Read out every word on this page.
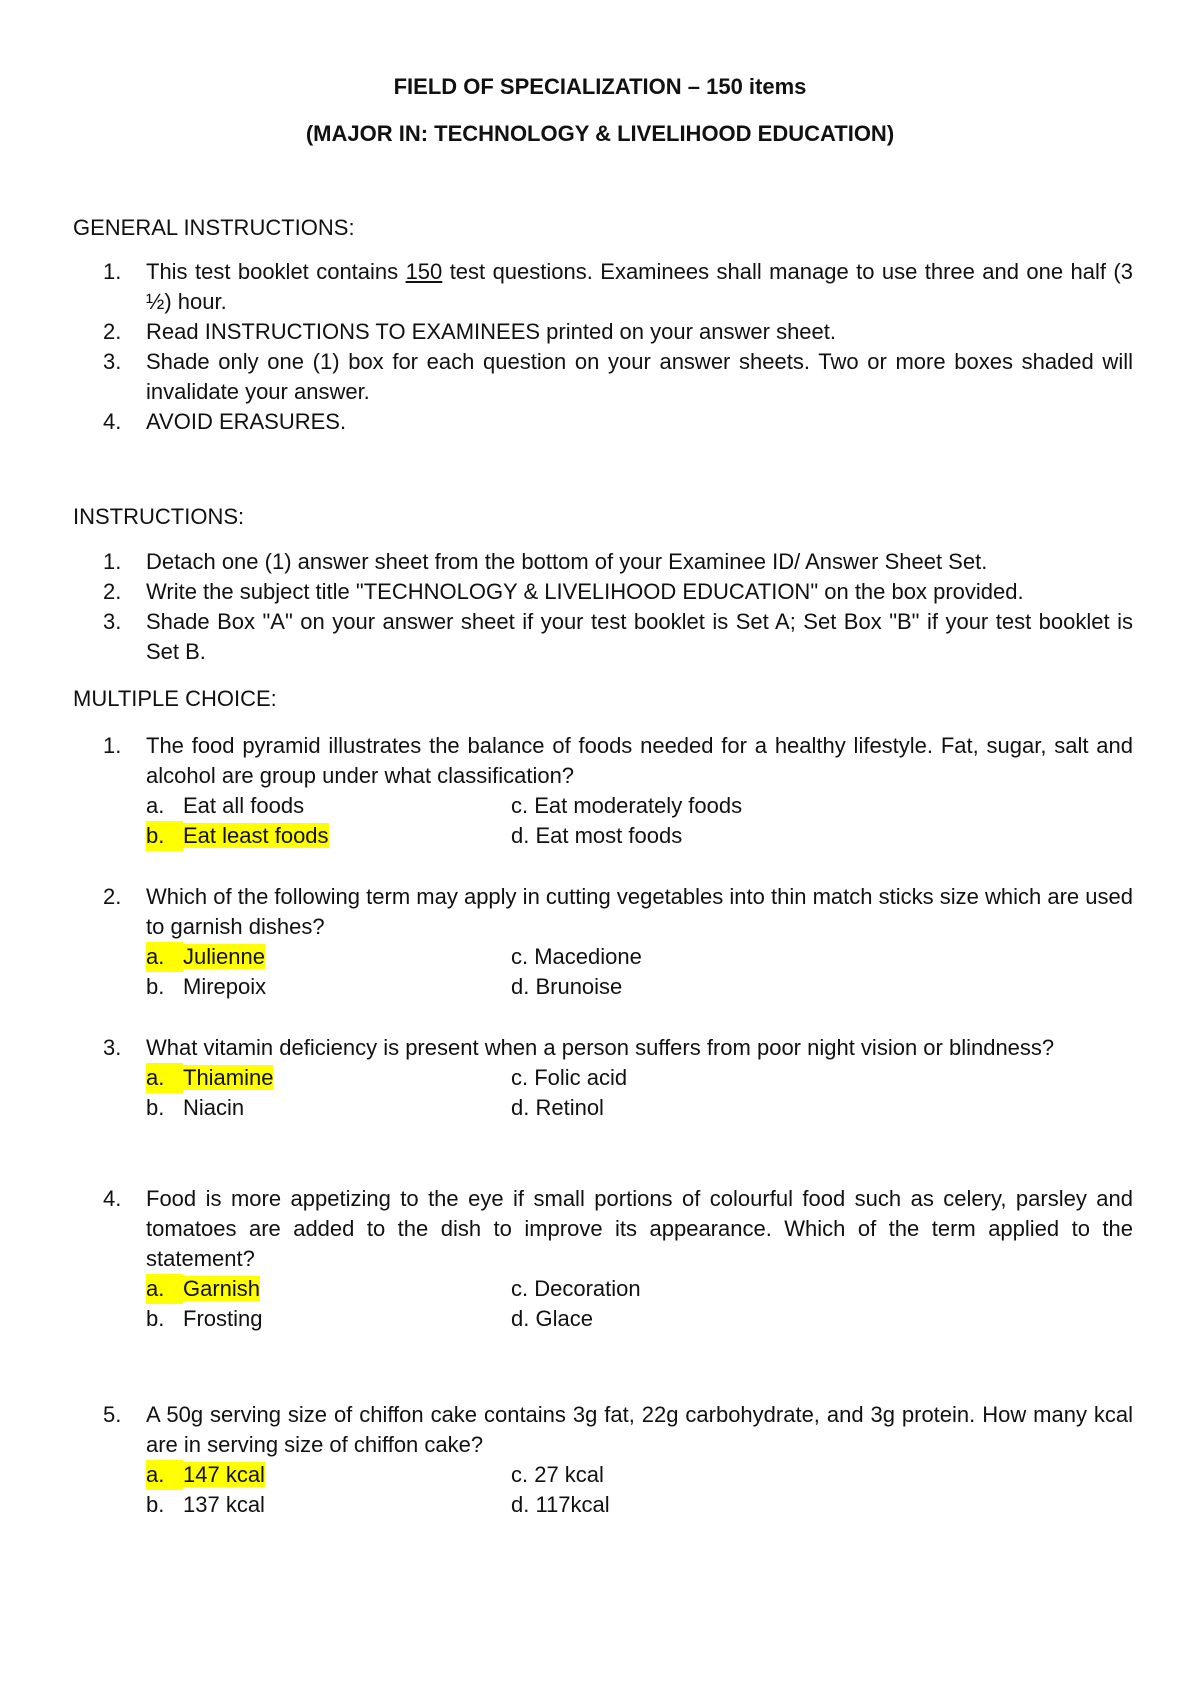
FIELD OF SPECIALIZATION – 150 items
(MAJOR IN: TECHNOLOGY & LIVELIHOOD EDUCATION)
GENERAL INSTRUCTIONS:
1. This test booklet contains 150 test questions. Examinees shall manage to use three and one half (3 ½) hour.
2. Read INSTRUCTIONS TO EXAMINEES printed on your answer sheet.
3. Shade only one (1) box for each question on your answer sheets. Two or more boxes shaded will invalidate your answer.
4. AVOID ERASURES.
INSTRUCTIONS:
1. Detach one (1) answer sheet from the bottom of your Examinee ID/ Answer Sheet Set.
2. Write the subject title "TECHNOLOGY & LIVELIHOOD EDUCATION" on the box provided.
3. Shade Box "A" on your answer sheet if your test booklet is Set A; Set Box "B" if your test booklet is Set B.
MULTIPLE CHOICE:
1. The food pyramid illustrates the balance of foods needed for a healthy lifestyle. Fat, sugar, salt and alcohol are group under what classification?
a. Eat all foods
b. Eat least foods
c. Eat moderately foods
d. Eat most foods
2. Which of the following term may apply in cutting vegetables into thin match sticks size which are used to garnish dishes?
a. Julienne
b. Mirepoix
c. Macedione
d. Brunoise
3. What vitamin deficiency is present when a person suffers from poor night vision or blindness?
a. Thiamine
b. Niacin
c. Folic acid
d. Retinol
4. Food is more appetizing to the eye if small portions of colourful food such as celery, parsley and tomatoes are added to the dish to improve its appearance. Which of the term applied to the statement?
a. Garnish
b. Frosting
c. Decoration
d. Glace
5. A 50g serving size of chiffon cake contains 3g fat, 22g carbohydrate, and 3g protein. How many kcal are in serving size of chiffon cake?
a. 147 kcal
b. 137 kcal
c. 27 kcal
d. 117kcal
